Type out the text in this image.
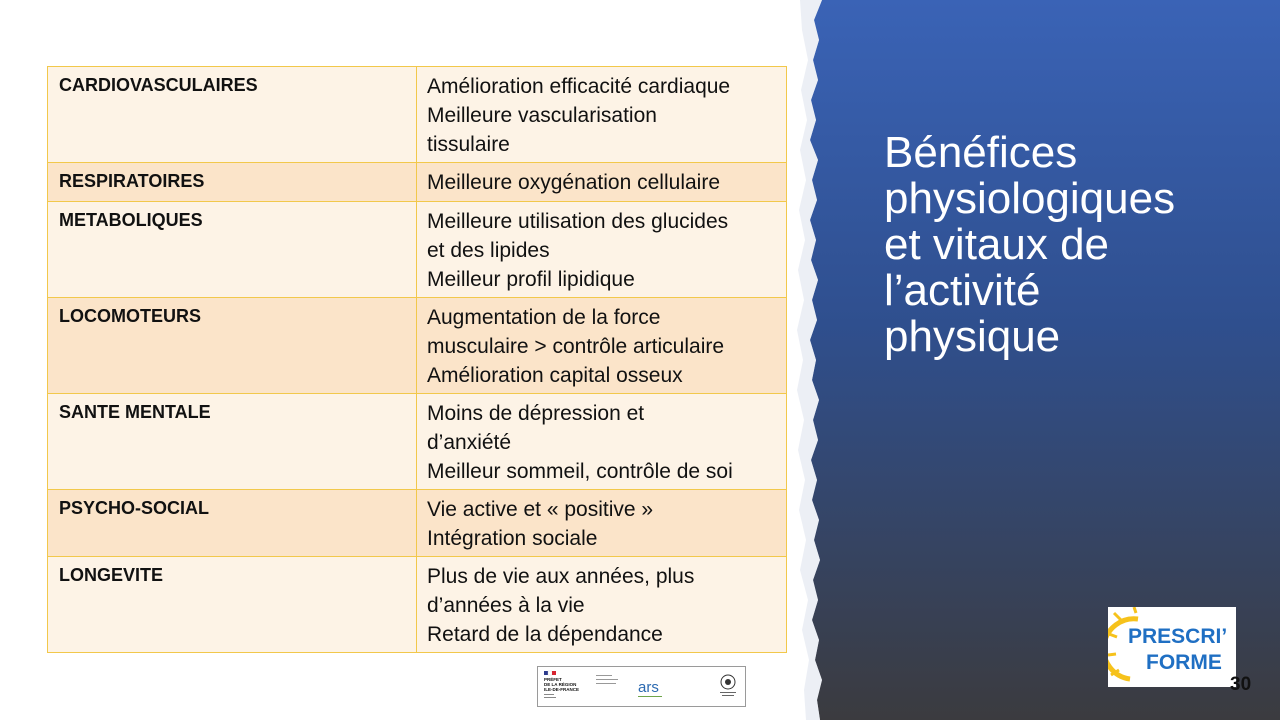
Bénéfices
physiologiques
et vitaux de
l’activité
physique
CARDIOVASCULAIRES	Amélioration efficacité cardiaque
Meilleure vascularisation
tissulaire

RESPIRATOIRES	Meilleure oxygénation cellulaire

METABOLIQUES	Meilleure utilisation des glucides
et des lipides
Meilleur profil lipidique

LOCOMOTEURS	Augmentation de la force
musculaire > contrôle articulaire
Amélioration capital osseux

SANTE MENTALE	Moins de dépression et
d’anxiété
Meilleur sommeil, contrôle de soi

PSYCHO-SOCIAL	Vie active et « positive »
Intégration sociale

LONGEVITE	Plus de vie aux années, plus
d’années à la vie
Retard de la dépendance
PRÉFET
DE LA RÉGION
ILE-DE-FRANCE	ars
PRESCRI’
FORME
30
